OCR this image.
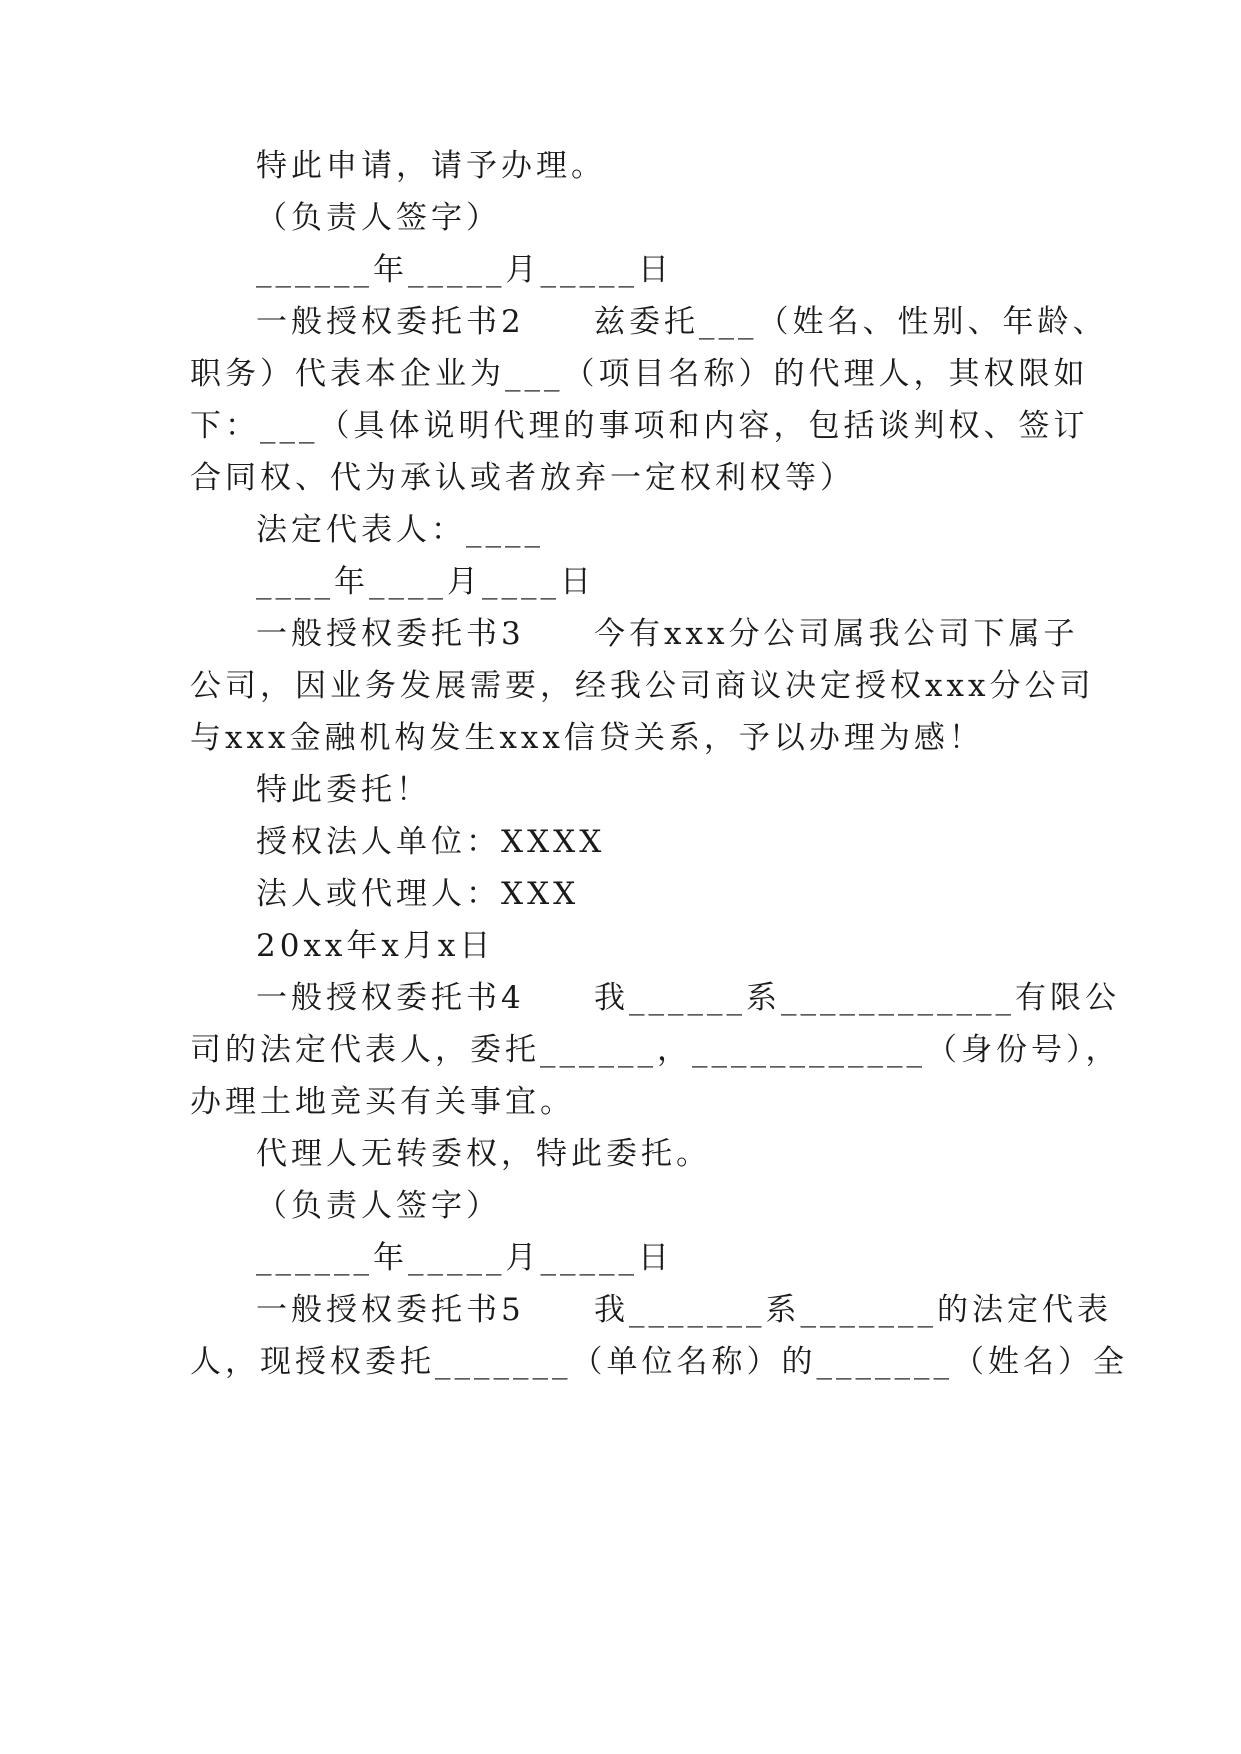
特此申请，请予办理。

（负责人签字）

______年_____月_____日

一般授权委托书2     兹委托___（姓名、性别、年龄、

职务）代表本企业为___（项目名称）的代理人，其权限如

下：___（具体说明代理的事项和内容，包括谈判权、签订

合同权、代为承认或者放弃一定权利权等）

法定代表人：____

____年____月____日

一般授权委托书3     今有xxx分公司属我公司下属子

公司，因业务发展需要，经我公司商议决定授权xxx分公司

与xxx金融机构发生xxx信贷关系，予以办理为感！

特此委托！

授权法人单位：XXXX

法人或代理人：XXX

20xx年x月x日

一般授权委托书4     我______系____________有限公

司的法定代表人，委托______，____________（身份号），

办理土地竞买有关事宜。

代理人无转委权，特此委托。

（负责人签字）

______年_____月_____日

一般授权委托书5     我_______系_______的法定代表

人，现授权委托_______（单位名称）的_______（姓名）全
